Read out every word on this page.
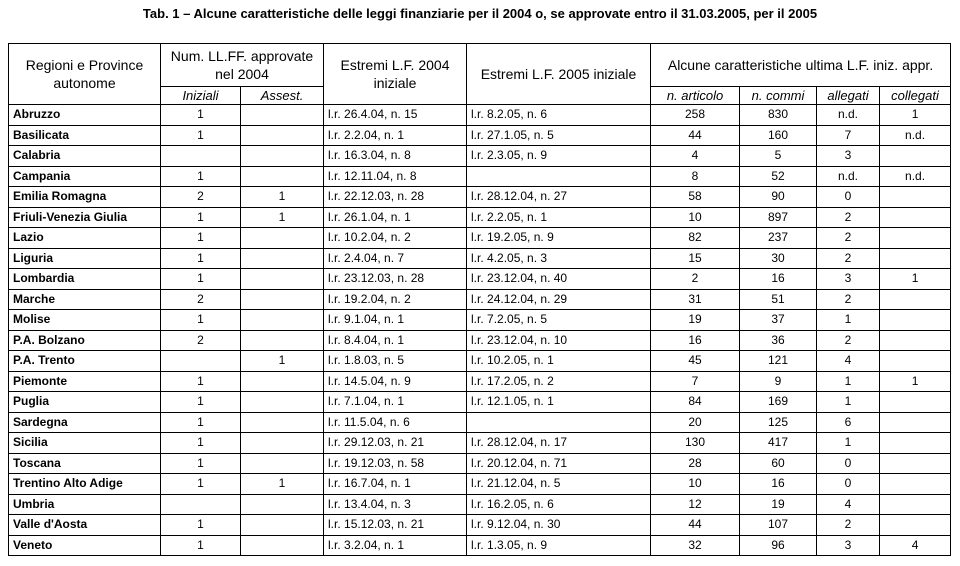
Tab. 1 – Alcune caratteristiche delle leggi finanziarie per il 2004 o, se approvate entro il 31.03.2005, per il 2005
Regioni e Province autonome	Num. LL.FF. approvate nel 2004		Estremi L.F. 2004 iniziale	Estremi L.F. 2005 iniziale	Alcune caratteristiche ultima L.F. iniz. appr.			
	Iniziali	Assest.			n. articolo	n. commi	allegati	collegati
Abruzzo	1		l.r. 26.4.04, n. 15	l.r. 8.2.05, n. 6	258	830	n.d.	1
Basilicata	1		l.r. 2.2.04, n. 1	l.r. 27.1.05, n. 5	44	160	7	n.d.
Calabria			l.r. 16.3.04, n. 8	l.r. 2.3.05, n. 9	4	5	3	
Campania	1		l.r. 12.11.04, n. 8		8	52	n.d.	n.d.
Emilia Romagna	2	1	l.r. 22.12.03, n. 28	l.r. 28.12.04, n. 27	58	90	0	
Friuli-Venezia Giulia	1	1	l.r. 26.1.04, n. 1	l.r. 2.2.05, n. 1	10	897	2	
Lazio	1		l.r. 10.2.04, n. 2	l.r. 19.2.05, n. 9	82	237	2	
Liguria	1		l.r. 2.4.04, n. 7	l.r. 4.2.05, n. 3	15	30	2	
Lombardia	1		l.r. 23.12.03, n. 28	l.r. 23.12.04, n. 40	2	16	3	1
Marche	2		l.r. 19.2.04, n. 2	l.r. 24.12.04, n. 29	31	51	2	
Molise	1		l.r. 9.1.04, n. 1	l.r. 7.2.05, n. 5	19	37	1	
P.A. Bolzano	2		l.r. 8.4.04, n. 1	l.r. 23.12.04, n. 10	16	36	2	
P.A. Trento		1	l.r. 1.8.03, n. 5	l.r. 10.2.05, n. 1	45	121	4	
Piemonte	1		l.r. 14.5.04, n. 9	l.r. 17.2.05, n. 2	7	9	1	1
Puglia	1		l.r. 7.1.04, n. 1	l.r. 12.1.05, n. 1	84	169	1	
Sardegna	1		l.r. 11.5.04, n. 6		20	125	6	
Sicilia	1		l.r. 29.12.03, n. 21	l.r. 28.12.04, n. 17	130	417	1	
Toscana	1		l.r. 19.12.03, n. 58	l.r. 20.12.04, n. 71	28	60	0	
Trentino Alto Adige	1	1	l.r. 16.7.04, n. 1	l.r. 21.12.04, n. 5	10	16	0	
Umbria			l.r. 13.4.04, n. 3	l.r. 16.2.05, n. 6	12	19	4	
Valle d'Aosta	1		l.r. 15.12.03, n. 21	l.r. 9.12.04, n. 30	44	107	2	
Veneto	1		l.r. 3.2.04, n. 1	l.r. 1.3.05, n. 9	32	96	3	4
